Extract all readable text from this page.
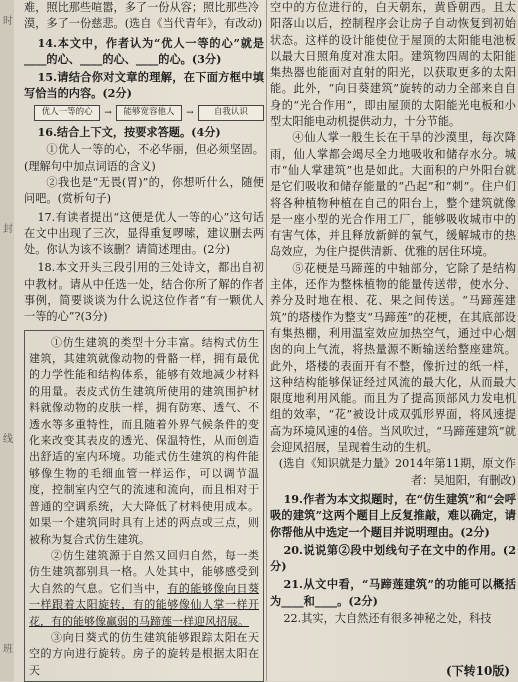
时
封
线
班

难，照比那些喧嚣，多了一份从容；照比那些冷

漠，多了一份慈悲。(选自《当代青年》，有改动)

14.本文中，作者认为“优人一等的心”就是____的心、____的心、____的心。(3分)

15.请结合你对文章的理解，在下面方框中填写恰当的内容。(2分)

优人一等的心	→	能够宽容他人	→	自我认识

16.结合上下文，按要求答题。(4分)

①优人一等的心，不必华丽，但必须坚固。(理解句中加点词语的含义)

②我也是“无畏(胃)”的，你想听什么，随便问吧。(赏析句子)

17.有读者提出“这便是优人一等的心”这句话在文中出现了三次，显得重复啰嗦，建议删去两处。你认为该不该删？请简述理由。(2分)

18.本文开头三段引用的三处诗文，都出自初中教材。请从中任选一处，结合你所了解的作者事例，简要谈谈为什么说这位作者“有一颗优人一等的心”?(3分)

①仿生建筑的类型十分丰富。结构式仿生建筑，其建筑就像动物的骨骼一样，拥有最优的力学性能和结构体系，能够有效地减少材料的用量。表皮式仿生建筑所使用的建筑围护材料就像动物的皮肤一样，拥有防寒、透气、不透水等多重特性，而且随着外界气候条件的变化来改变其表皮的透光、保温特性，从而创造出舒适的室内环境。功能式仿生建筑的构件能够像生物的毛细血管一样运作，可以调节温度，控制室内空气的流速和流向，而且相对于普通的空调系统，大大降低了材料使用成本。如果一个建筑同时具有上述的两点或三点，则被称为复合式仿生建筑。

②仿生建筑源于自然又回归自然，每一类仿生建筑都别具一格。人处其中，能够感受到大自然的气息。它们当中，有的能够像向日葵一样跟着太阳旋转，有的能够像仙人掌一样开花，有的能够像羸弱的马蹄莲一样迎风招展。

③向日葵式的仿生建筑能够跟踪太阳在天空的方向进行旋转。房子的旋转是根据太阳在天

空中的方位进行的，白天朝东，黄昏朝西。且太阳落山以后，控制程序会让房子自动恢复到初始状态。这样的设计能使位于屋顶的太阳能电池板以最大日照角度对准太阳。建筑物四周的太阳能集热器也能面对直射的阳光，以获取更多的太阳能。此外，“向日葵建筑”旋转的动力全部来自自身的“光合作用”，即由屋顶的太阳能光电板和小型太阳能电动机提供动力，十分节能。

④仙人掌一般生长在干旱的沙漠里，每次降雨，仙人掌都会竭尽全力地吸收和储存水分。城市“仙人掌建筑”也是如此。大面积的户外阳台就是它们吸收和储存能量的“凸起”和“刺”。住户们将各种植物种植在自己的阳台上，整个建筑就像是一座小型的光合作用工厂，能够吸收城市中的有害气体，并且释放新鲜的氧气，缓解城市的热岛效应，为住户提供清新、优雅的居住环境。

⑤花梗是马蹄莲的中轴部分，它除了是结构主体，还作为整株植物的能量传送带，使水分、养分及时地在根、花、果之间传送。“马蹄莲建筑”的塔楼作为整支“马蹄莲”的花梗，在其底部设有集热棚，利用温室效应加热空气，通过中心烟囱的向上气流，将热量源不断输送给整座建筑。此外，塔楼的表面开有不整，像折过的纸一样，这种结构能够保证经过风流的最大化，从而最大限度地利用风能。而且为了提高顶部风力发电机组的效率，“花”被设计成双弧形界面，将风速提高为环境风速的4倍。当风吹过，“马蹄莲建筑”就会迎风招展，呈现着生动的生机。

(选自《知识就是力量》2014年第11期，原文作者：吴旭阳，有删改)

19.作者为本文拟题时，在“仿生建筑”和“会呼吸的建筑”这两个题目上反复推敲，难以确定，请你帮他从中选定一个题目并说明理由。(2分)

20.说说第②段中划线句子在文中的作用。(2分)

21.从文中看，“马蹄莲建筑”的功能可以概括为____和____。(2分)

22.其实，大自然还有很多神秘之处，科技

(下转10版)
